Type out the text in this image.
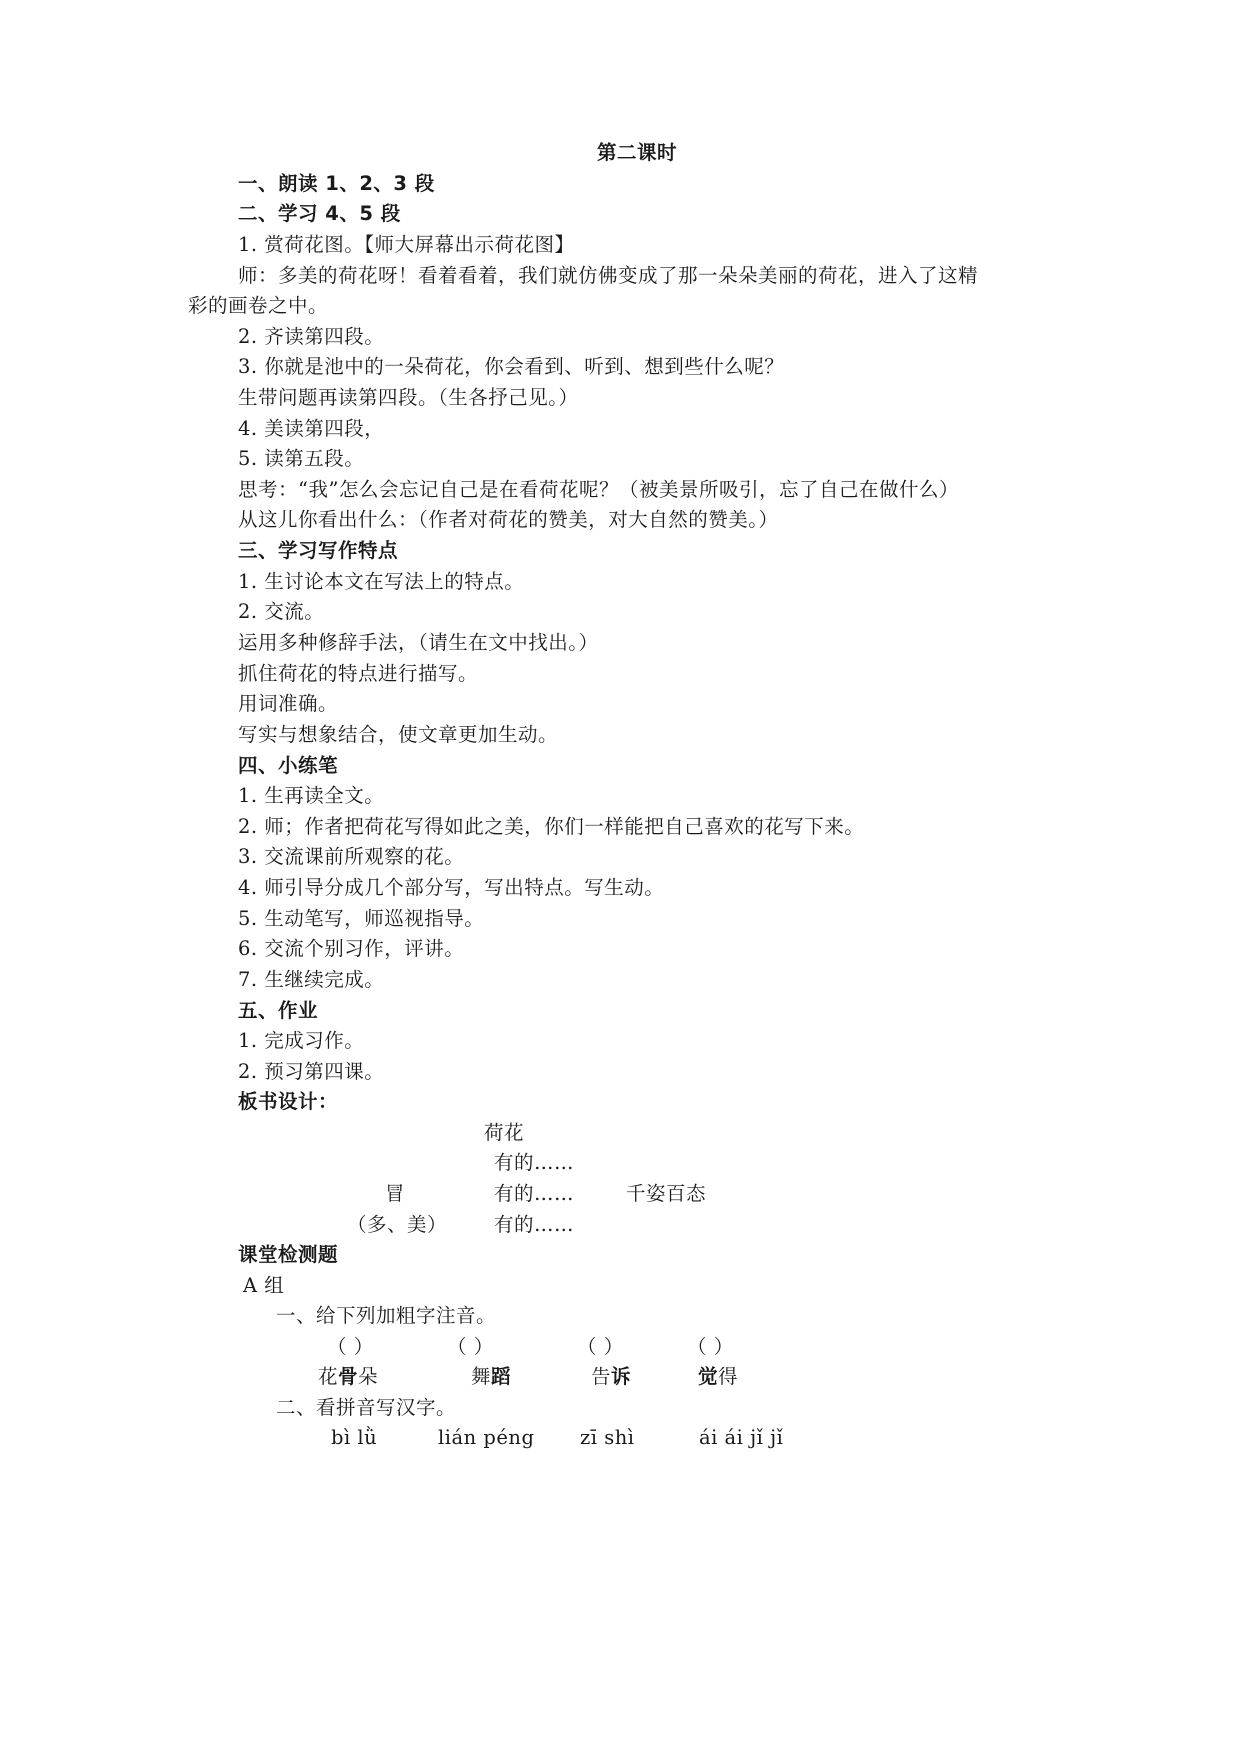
第二课时
一、朗读 1、2、3 段
二、学习 4、5 段
1. 赏荷花图。【师大屏幕出示荷花图】
师：多美的荷花呀！看着看着，我们就仿佛变成了那一朵朵美丽的荷花，进入了这精
彩的画卷之中。
2. 齐读第四段。
3. 你就是池中的一朵荷花，你会看到、听到、想到些什么呢？
生带问题再读第四段。（生各抒己见。）
4. 美读第四段，
5. 读第五段。
思考：“我”怎么会忘记自己是在看荷花呢？（被美景所吸引，忘了自己在做什么）
从这儿你看出什么：（作者对荷花的赞美，对大自然的赞美。）
三、学习写作特点
1. 生讨论本文在写法上的特点。
2. 交流。
运用多种修辞手法，（请生在文中找出。）
抓住荷花的特点进行描写。
用词准确。
写实与想象结合，使文章更加生动。
四、小练笔
1. 生再读全文。
2. 师；作者把荷花写得如此之美，你们一样能把自己喜欢的花写下来。
3. 交流课前所观察的花。
4. 师引导分成几个部分写，写出特点。写生动。
5. 生动笔写，师巡视指导。
6. 交流个别习作，评讲。
7. 生继续完成。
五、作业
1. 完成习作。
2. 预习第四课。
板书设计：
荷花
有的……
冒	有的……	千姿百态
（多、美） 有的……
课堂检测题
A 组
一、给下列加粗字注音。
（ ）	（ ）	（ ）	（ ）
花骨朵	舞蹈	告诉	觉得
二、看拼音写汉字。
bì lǜ	lián péng zī shì	ái ái jǐ jǐ
